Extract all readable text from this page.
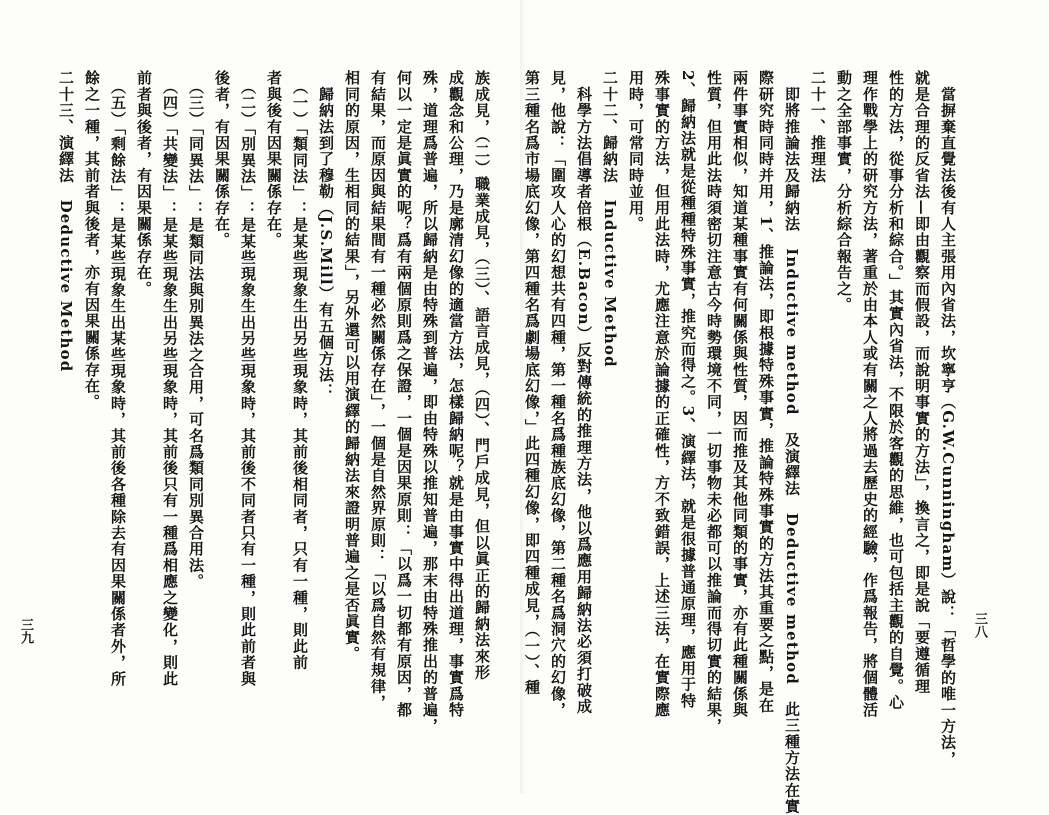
　當摒棄直覺法後有人主張用內省法，坎寧亨（G.W.Cunningham）說：「哲學的唯一方法，
就是合理的反省法—即由觀察而假設，而說明事實的方法」，換言之，即是說「要遵循理
性的方法，從事分析和綜合。」其實內省法，不限於客觀的思維，也可包括主觀的自覺。心
理作戰學上的研究方法，著重於由本人或有關之人將過去歷史的經驗，作爲報告，將個體活
動之全部事實，分析綜合報告之。
二十一、推理法
　即將推論法及歸納法　Inductive method　及演繹法　Deductive method　此三種方法在實
際研究時同時并用，1、推論法，即根據特殊事實，推論特殊事實的方法其重要之點，是在
兩件事實相似，知道某種事實有何關係與性質，因而推及其他同類的事實，亦有此種關係與
性質，但用此法時須密切注意古今時勢環境不同，一切事物未必都可以推論而得切實的結果，
2、歸納法就是從種種特殊事實，推究而得之。3、演繹法，就是很據普通原理，應用于特
殊事實的方法，但用此法時，尤應注意於論據的正確性，方不致錯誤，上述三法，在實際應
用時，可常同時並用。
二十二、歸納法　Inductive Method
　科學方法倡導者倍根（E.Bacon）反對傳統的推理方法，他以爲應用歸納法必須打破成
見，他說：「圍攻人心的幻想共有四種，第一種名爲種族底幻像，第二種名爲洞穴的幻像，
第三種名爲市場底幻像，第四種名爲劇場底幻像，」此四種幻像，即四種成見，（一）、種
族成見，（二）職業成見，（三）、語言成見，（四）、門戶成見，但以眞正的歸納法來形
成觀念和公理，乃是廓清幻像的適當方法，怎樣歸納呢？就是由事實中得出道理，事實爲特
殊，道理爲普遍，所以歸納是由特殊到普遍，即由特殊以推知普遍，那末由特殊推出的普遍，
何以一定是眞實的呢？爲有兩個原則爲之保證，一個是因果原則：「以爲一切都有原因，都
有結果，而原因與結果間有一種必然關係存在」，一個是自然界原則：「以爲自然有規律，
相同的原因，生相同的結果」，另外還可以用演繹的歸納法來證明普遍之是否眞實。
　歸納法到了穆勒（J.S.Mill）有五個方法：
　（一）「類同法」：是某些現象生出另些現象時，其前後相同者，只有一種，則此前
者與後有因果關係存在。
　（二）「別異法」：是某些現象生出另些現象時，其前後不同者只有一種，則此前者與
後者，有因果關係存在。
　（三）「同異法」：是類同法與別異法之合用，可名爲類同別異合用法。
　（四）「共變法」：是某些現象生出另些現象時，其前後只有一種爲相應之變化，則此
前者與後者，有因果關係存在。
　（五）「剩餘法」：是某些現象生出某些現象時，其前後各種除去有因果關係者外，所
餘之一種，其前者與後者，亦有因果關係存在。
二十三、演繹法　Deductive Method
三八
三九
